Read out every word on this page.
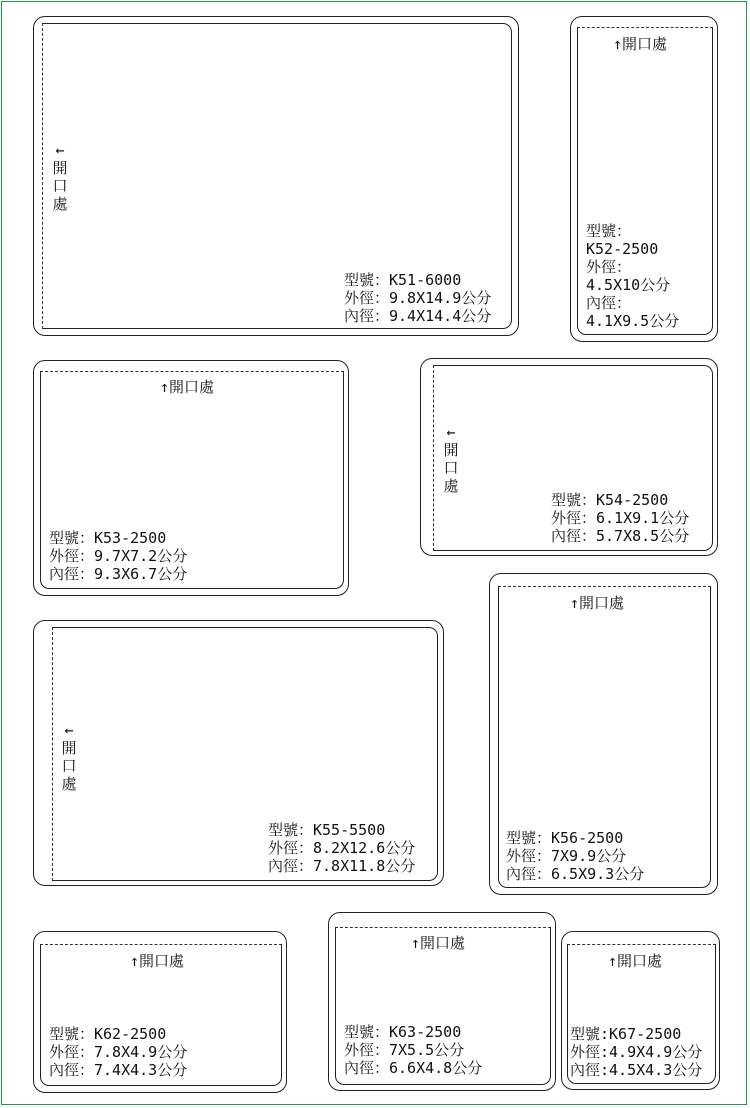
←開口處
型號：K51-6000
外徑：9.8X14.9公分
內徑：9.4X14.4公分
↑開口處
型號：
K52-2500
外徑：
4.5X10公分
內徑：
4.1X9.5公分
↑開口處
型號：K53-2500
外徑：9.7X7.2公分
內徑：9.3X6.7公分
←開口處
型號：K54-2500
外徑：6.1X9.1公分
內徑：5.7X8.5公分
←開口處
型號：K55-5500
外徑：8.2X12.6公分
內徑：7.8X11.8公分
↑開口處
型號：K56-2500
外徑：7X9.9公分
內徑：6.5X9.3公分
↑開口處
型號：K62-2500
外徑：7.8X4.9公分
內徑：7.4X4.3公分
↑開口處
型號：K63-2500
外徑：7X5.5公分
內徑：6.6X4.8公分
↑開口處
型號:K67-2500
外徑:4.9X4.9公分
內徑:4.5X4.3公分
